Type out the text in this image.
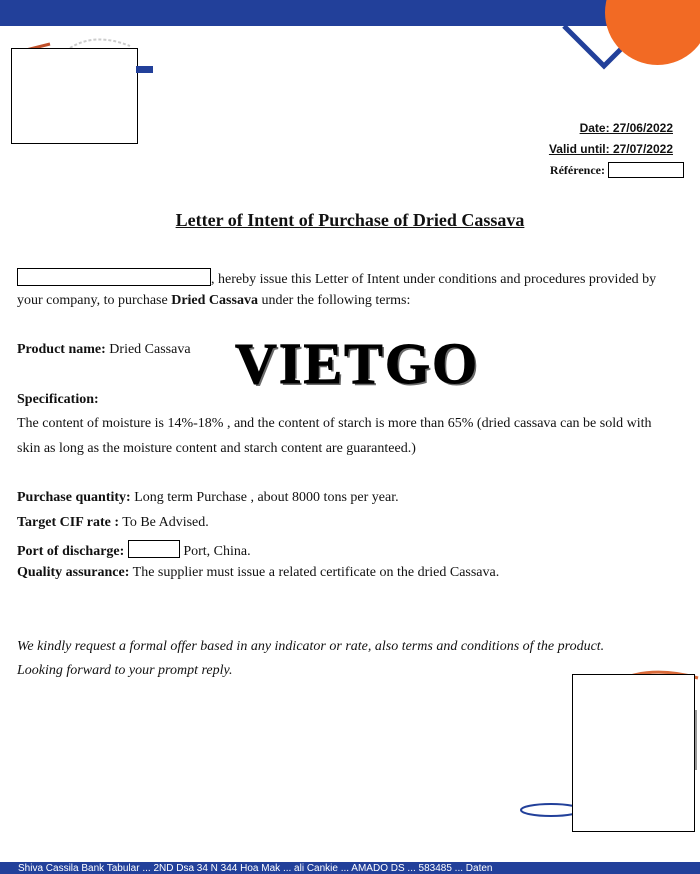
Date: 27/06/2022
Valid until: 27/07/2022
Référence:
Letter of Intent of Purchase of Dried Cassava
, hereby issue this Letter of Intent under conditions and procedures provided by
your company, to purchase Dried Cassava under the following terms:
Product name: Dried Cassava VIETGO
Specification:
The content of moisture is 14%-18% , and the content of starch is more than 65% (dried cassava can be sold with
skin as long as the moisture content and starch content are guaranteed.)
Purchase quantity: Long term Purchase , about 8000 tons per year.
Target CIF rate : To Be Advised.
Port of discharge:	Port, China.
Quality assurance: The supplier must issue a related certificate on the dried Cassava.
We kindly request a formal offer based in any indicator or rate, also terms and conditions of the product.
Looking forward to your prompt reply.
Shiva Cassila Bank Tabular ... 2ND Dsa 34 N 344 Hoa Mak ... ali Cankie ... AMADO DS ... 583485 ... Daten
